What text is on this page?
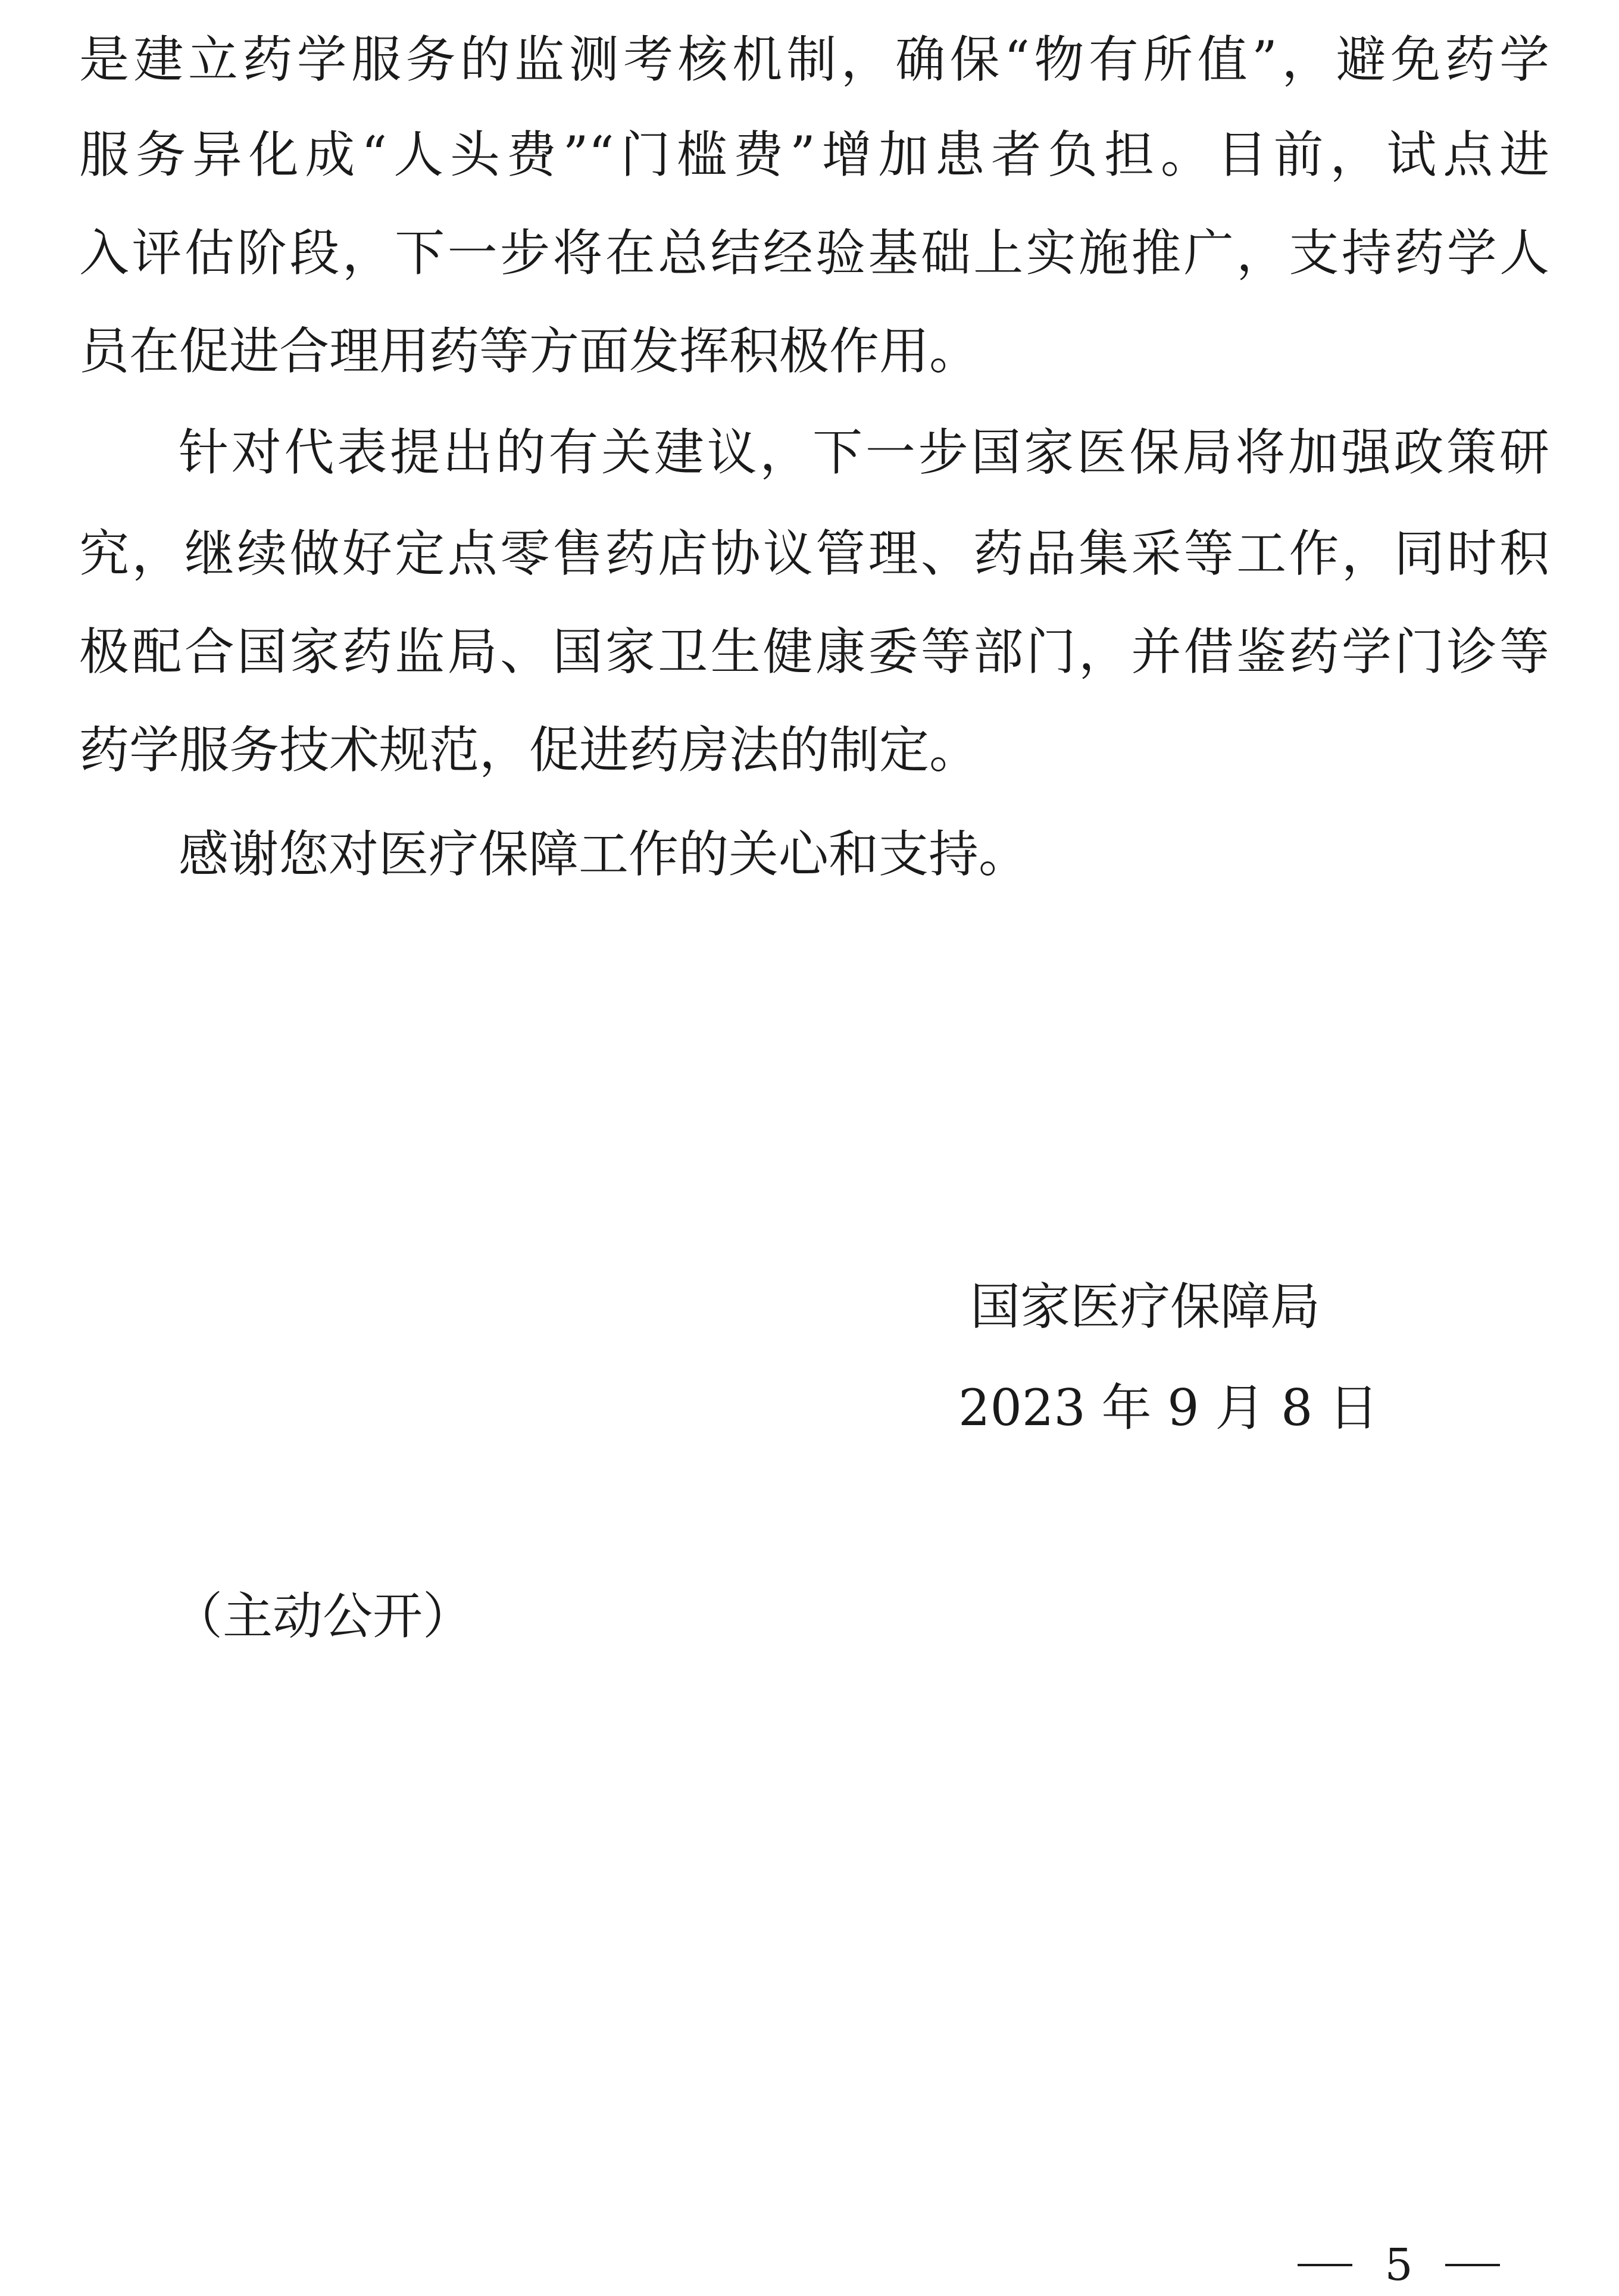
是建立药学服务的监测考核机制，确保“物有所值”，避免药学
服务异化成“人头费”“门槛费”增加患者负担。目前，试点进
入评估阶段，下一步将在总结经验基础上实施推广，支持药学人
员在促进合理用药等方面发挥积极作用。
针对代表提出的有关建议，下一步国家医保局将加强政策研
究，继续做好定点零售药店协议管理、药品集采等工作，同时积
极配合国家药监局、国家卫生健康委等部门，并借鉴药学门诊等
药学服务技术规范，促进药房法的制定。
感谢您对医疗保障工作的关心和支持。
国家医疗保障局
2023 年 9 月 8 日
（主动公开）
5
